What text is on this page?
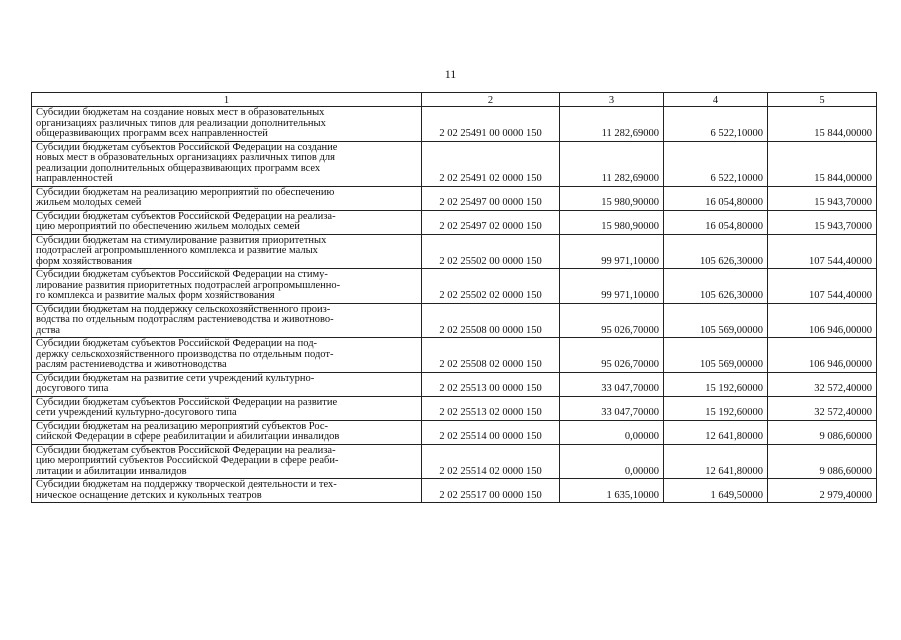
11
1	2	3	4	5

Субсидии бюджетам на создание новых мест в образовательных
организациях различных типов для реализации дополнительных
общеразвивающих программ всех направленностей	2 02 25491 00 0000 150	11 282,69000	6 522,10000	15 844,00000

Субсидии бюджетам субъектов Российской Федерации на создание
новых мест в образовательных организациях различных типов для
реализации дополнительных общеразвивающих программ всех
направленностей	2 02 25491 02 0000 150	11 282,69000	6 522,10000	15 844,00000

Субсидии бюджетам на реализацию мероприятий по обеспечению
жильем молодых семей	2 02 25497 00 0000 150	15 980,90000	16 054,80000	15 943,70000

Субсидии бюджетам субъектов Российской Федерации на реализа-
цию мероприятий по обеспечению жильем молодых семей	2 02 25497 02 0000 150	15 980,90000	16 054,80000	15 943,70000

Субсидии бюджетам на стимулирование развития приоритетных
подотраслей агропромышленного комплекса и развитие малых
форм хозяйствования	2 02 25502 00 0000 150	99 971,10000	105 626,30000	107 544,40000

Субсидии бюджетам субъектов Российской Федерации на стиму-
лирование развития приоритетных подотраслей агропромышленно-
го комплекса и развитие малых форм хозяйствования	2 02 25502 02 0000 150	99 971,10000	105 626,30000	107 544,40000

Субсидии бюджетам на поддержку сельскохозяйственного произ-
водства по отдельным подотраслям растениеводства и животново-
дства	2 02 25508 00 0000 150	95 026,70000	105 569,00000	106 946,00000

Субсидии бюджетам субъектов Российской Федерации на под-
держку сельскохозяйственного производства по отдельным подот-
раслям растениеводства и животноводства	2 02 25508 02 0000 150	95 026,70000	105 569,00000	106 946,00000

Субсидии бюджетам на развитие сети учреждений культурно-
досугового типа	2 02 25513 00 0000 150	33 047,70000	15 192,60000	32 572,40000

Субсидии бюджетам субъектов Российской Федерации на развитие
сети учреждений культурно-досугового типа	2 02 25513 02 0000 150	33 047,70000	15 192,60000	32 572,40000

Субсидии бюджетам на реализацию мероприятий субъектов Рос-
сийской Федерации в сфере реабилитации и абилитации инвалидов	2 02 25514 00 0000 150	0,00000	12 641,80000	9 086,60000

Субсидии бюджетам субъектов Российской Федерации на реализа-
цию мероприятий субъектов Российской Федерации в сфере реаби-
литации и абилитации инвалидов	2 02 25514 02 0000 150	0,00000	12 641,80000	9 086,60000

Субсидии бюджетам на поддержку творческой деятельности и тех-
ническое оснащение детских и кукольных театров	2 02 25517 00 0000 150	1 635,10000	1 649,50000	2 979,40000
